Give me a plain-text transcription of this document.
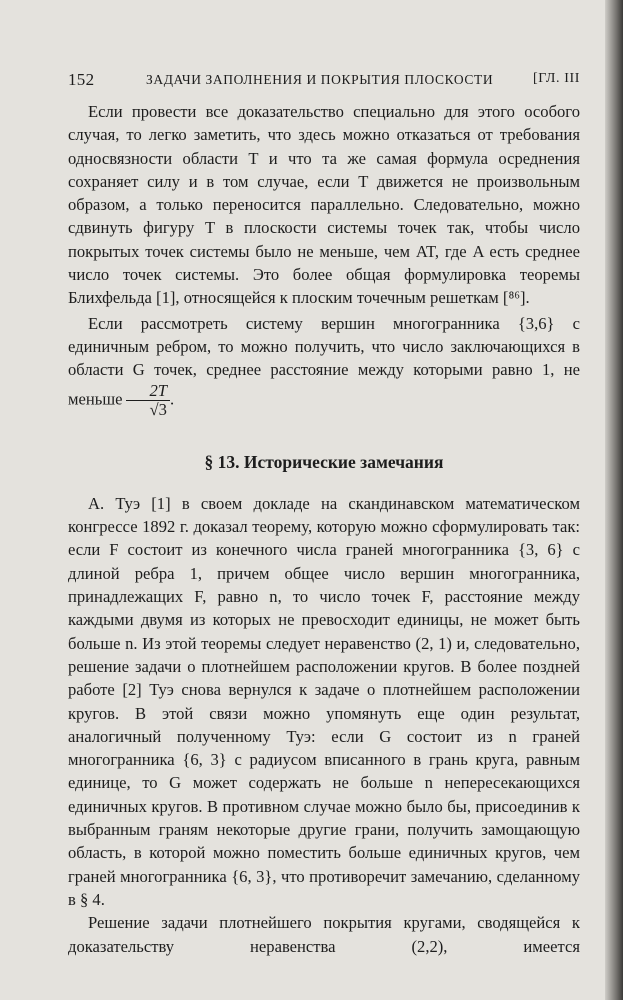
152	ЗАДАЧИ ЗАПОЛНЕНИЯ И ПОКРЫТИЯ ПЛОСКОСТИ	[ГЛ. III

Если провести все доказательство специально для этого особого случая, то легко заметить, что здесь можно отказаться от требования односвязности области T и что та же самая формула осреднения сохраняет силу и в том случае, если T движется не произвольным образом, а только переносится параллельно. Следовательно, можно сдвинуть фигуру T в плоскости системы точек так, чтобы число покрытых точек системы было не меньше, чем AT, где A есть среднее число точек системы. Это более общая формулировка теоремы Блихфельда [1], относящейся к плоским точечным решеткам [⁸⁶].

Если рассмотреть систему вершин многогранника {3,6} с единичным ребром, то можно получить, что число заключающихся в области G точек, среднее расстояние между которыми равно 1, не меньше $\frac{2T}{√3}$ .

§ 13. Исторические замечания

А. Туэ [1] в своем докладе на скандинавском математическом конгрессе 1892 г. доказал теорему, которую можно сформулировать так: если F состоит из конечного числа граней многогранника {3, 6} с длиной ребра 1, причем общее число вершин многогранника, принадлежащих F, равно n, то число точек F, расстояние между каждыми двумя из которых не превосходит единицы, не может быть больше n. Из этой теоремы следует неравенство (2, 1) и, следовательно, решение задачи о плотнейшем расположении кругов. В более поздней работе [2] Туэ снова вернулся к задаче о плотнейшем расположении кругов. В этой связи можно упомянуть еще один результат, аналогичный полученному Туэ: если G состоит из n граней многогранника {6, 3} с радиусом вписанного в грань круга, равным единице, то G может содержать не больше n непересекающихся единичных кругов. В противном случае можно было бы, присоединив к выбранным граням некоторые другие грани, получить замощающую область, в которой можно поместить больше единичных кругов, чем граней многогранника {6, 3}, что противоречит замечанию, сделанному в § 4.

Решение задачи плотнейшего покрытия кругами, сводящейся к доказательству неравенства (2,2), имеется
